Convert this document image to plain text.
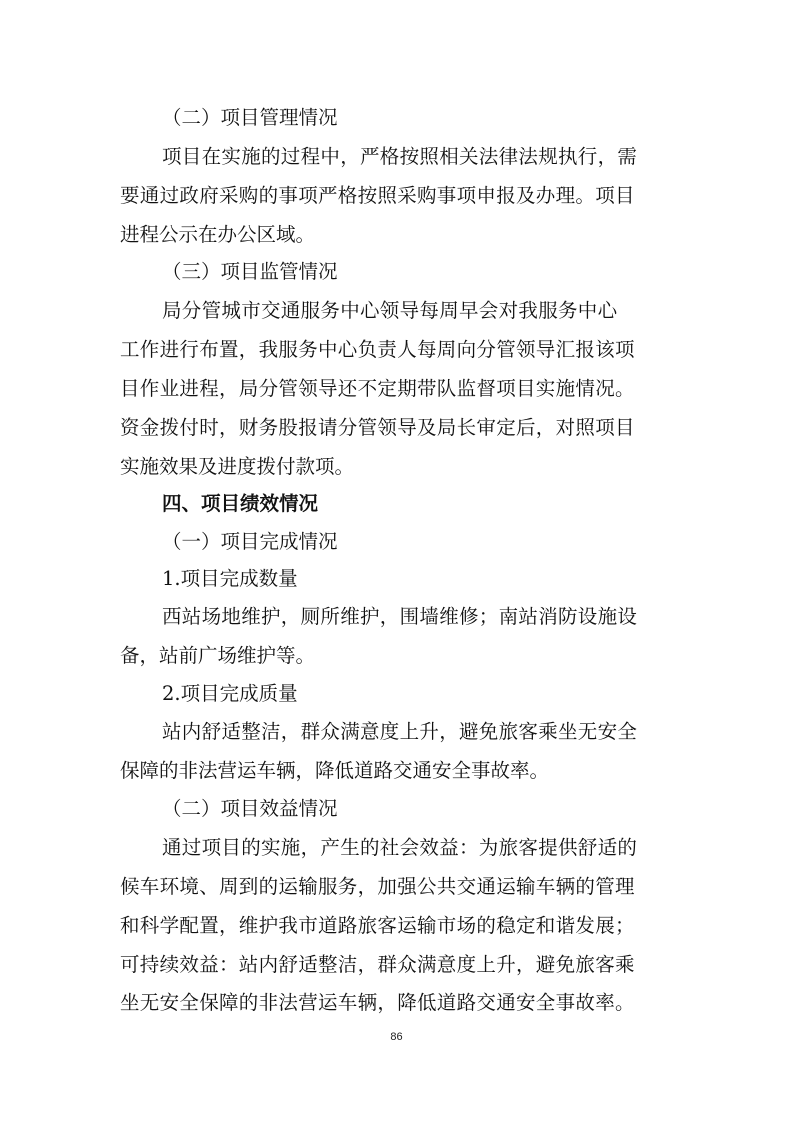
（二）项目管理情况
项目在实施的过程中，严格按照相关法律法规执行，需
要通过政府采购的事项严格按照采购事项申报及办理。项目
进程公示在办公区域。
（三）项目监管情况
局分管城市交通服务中心领导每周早会对我服务中心
工作进行布置，我服务中心负责人每周向分管领导汇报该项
目作业进程，局分管领导还不定期带队监督项目实施情况。
资金拨付时，财务股报请分管领导及局长审定后，对照项目
实施效果及进度拨付款项。
四、项目绩效情况
（一）项目完成情况
1.项目完成数量
西站场地维护，厕所维护，围墙维修；南站消防设施设
备，站前广场维护等。
2.项目完成质量
站内舒适整洁，群众满意度上升，避免旅客乘坐无安全
保障的非法营运车辆，降低道路交通安全事故率。
（二）项目效益情况
通过项目的实施，产生的社会效益：为旅客提供舒适的
候车环境、周到的运输服务，加强公共交通运输车辆的管理
和科学配置，维护我市道路旅客运输市场的稳定和谐发展；
可持续效益：站内舒适整洁，群众满意度上升，避免旅客乘
坐无安全保障的非法营运车辆，降低道路交通安全事故率。
86
